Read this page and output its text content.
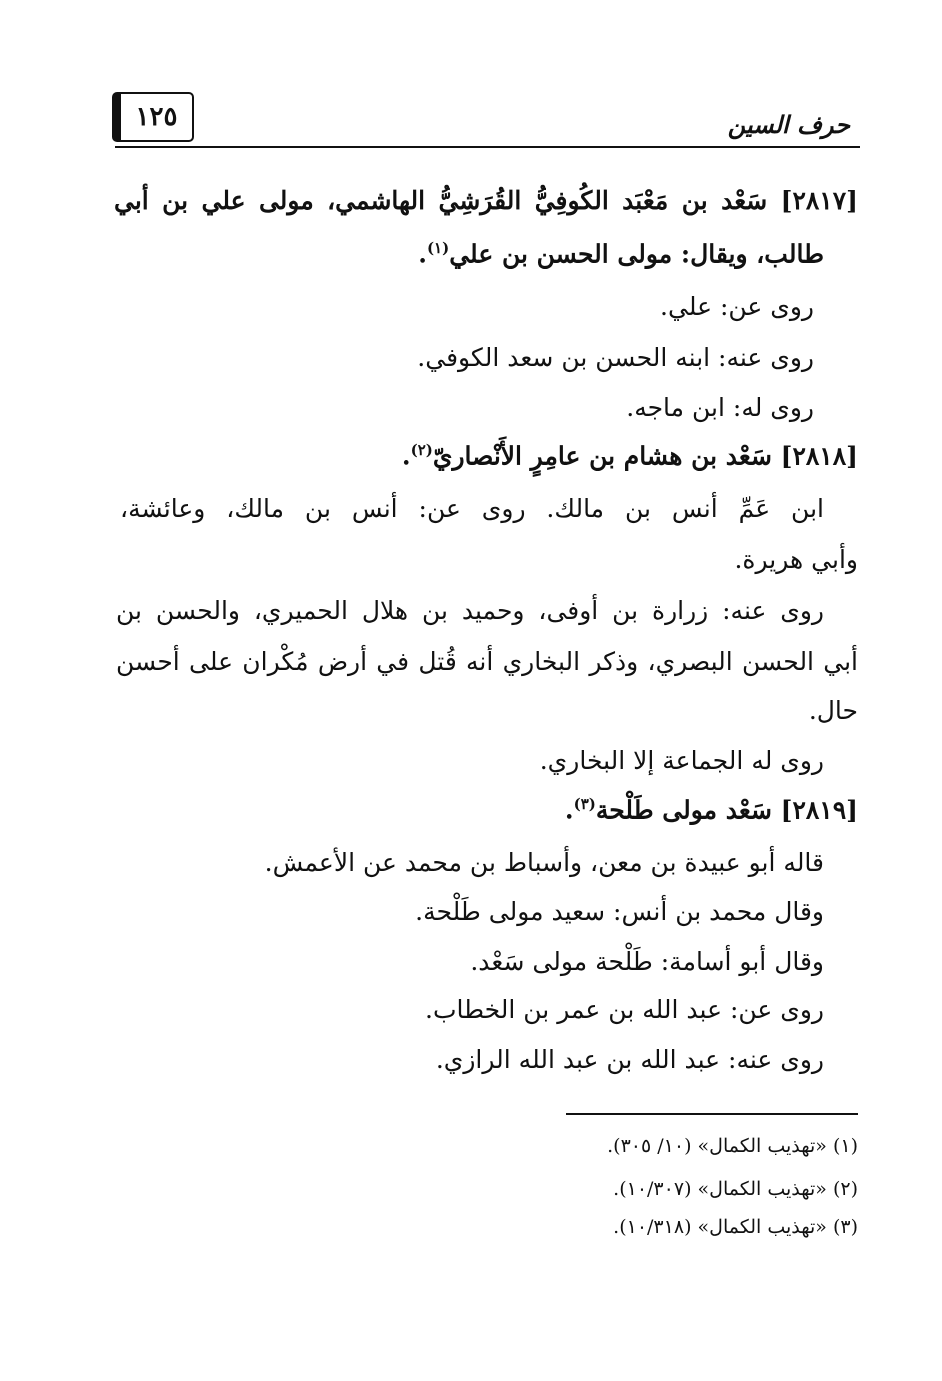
١٢٥	حرف السين
[٢٨١٧] سَعْد بن مَعْبَد الكُوفِيُّ القُرَشِيُّ الهاشمي، مولى علي بن أبي
طالب، ويقال: مولى الحسن بن علي$^{(١)}$.
روى عن: علي.
روى عنه: ابنه الحسن بن سعد الكوفي.
روى له: ابن ماجه.
[٢٨١٨] سَعْد بن هشام بن عامِرٍ الأَنْصاريّ$^{(٢)}$.
ابن عَمِّ أنس بن مالك. روى عن: أنس بن مالك، وعائشة،
وأبي هريرة.
روى عنه: زرارة بن أوفى، وحميد بن هلال الحميري، والحسن بن
أبي الحسن البصري، وذكر البخاري أنه قُتل في أرض مُكْران على أحسن
حال.
روى له الجماعة إلا البخاري.
[٢٨١٩] سَعْد مولى طَلْحة$^{(٣)}$.
قاله أبو عبيدة بن معن، وأسباط بن محمد عن الأعمش.
وقال محمد بن أنس: سعيد مولى طَلْحة.
وقال أبو أسامة: طَلْحة مولى سَعْد.
روى عن: عبد الله بن عمر بن الخطاب.
روى عنه: عبد الله بن عبد الله الرازي.
(١) «تهذيب الكمال» (١٠/ ٣٠٥).
(٢) «تهذيب الكمال» (١٠/٣٠٧).
(٣) «تهذيب الكمال» (١٠/٣١٨).
